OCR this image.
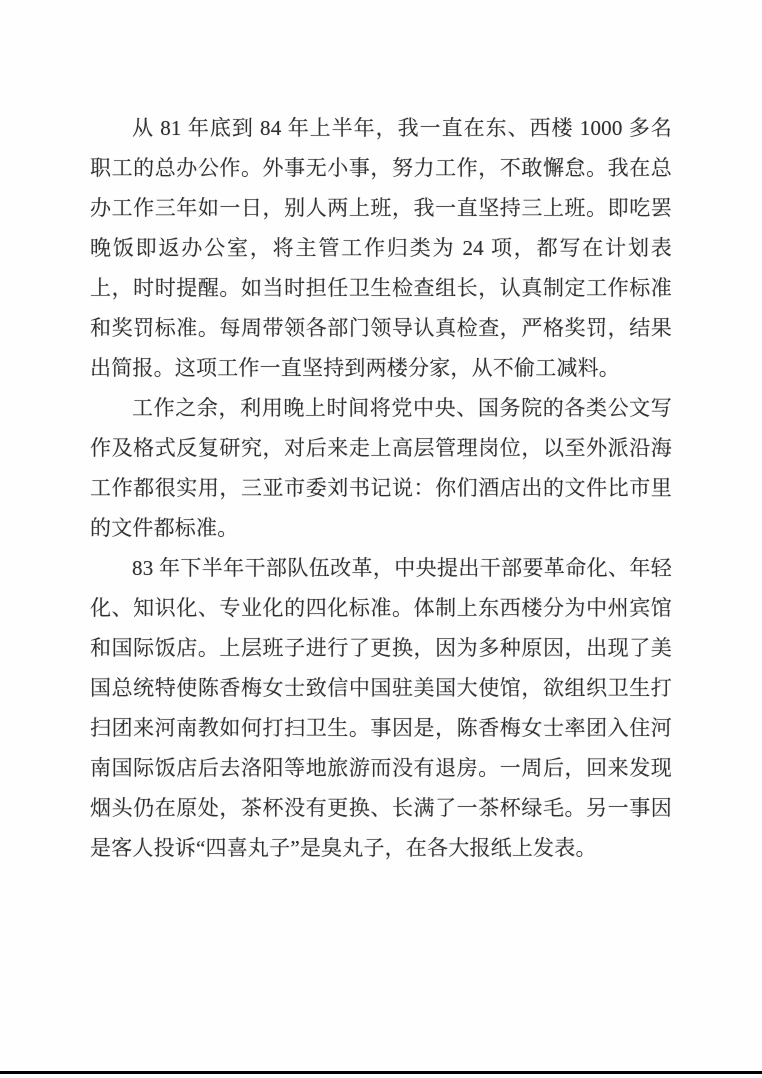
从 81 年底到 84 年上半年，我一直在东、西楼 1000 多名职工的总办公作。外事无小事，努力工作，不敢懈怠。我在总办工作三年如一日，别人两上班，我一直坚持三上班。即吃罢晚饭即返办公室，将主管工作归类为 24 项，都写在计划表上，时时提醒。如当时担任卫生检查组长，认真制定工作标准和奖罚标准。每周带领各部门领导认真检查，严格奖罚，结果出简报。这项工作一直坚持到两楼分家，从不偷工减料。

工作之余，利用晚上时间将党中央、国务院的各类公文写作及格式反复研究，对后来走上高层管理岗位，以至外派沿海工作都很实用，三亚市委刘书记说：你们酒店出的文件比市里的文件都标准。

83 年下半年干部队伍改革，中央提出干部要革命化、年轻化、知识化、专业化的四化标准。体制上东西楼分为中州宾馆和国际饭店。上层班子进行了更换，因为多种原因，出现了美国总统特使陈香梅女士致信中国驻美国大使馆，欲组织卫生打扫团来河南教如何打扫卫生。事因是，陈香梅女士率团入住河南国际饭店后去洛阳等地旅游而没有退房。一周后，回来发现烟头仍在原处，茶杯没有更换、长满了一茶杯绿毛。另一事因是客人投诉“四喜丸子”是臭丸子，在各大报纸上发表。
